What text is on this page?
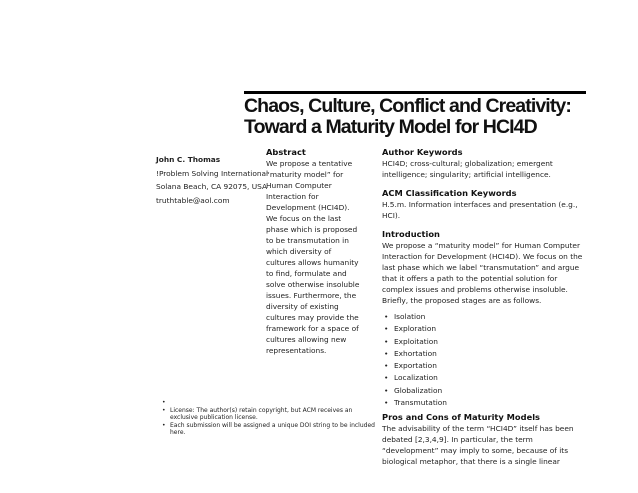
Chaos, Culture, Conflict and Creativity:
Toward a Maturity Model for HCI4D
John C. Thomas
!Problem Solving International
Solana Beach, CA 92075, USA
truthtable@aol.com
Abstract
We propose a tentative
“maturity model” for
Human Computer
Interaction for
Development (HCI4D).
We focus on the last
phase which is proposed
to be transmutation in
which diversity of
cultures allows humanity
to find, formulate and
solve otherwise insoluble
issues. Furthermore, the
diversity of existing
cultures may provide the
framework for a space of
cultures allowing new
representations.
Author Keywords
HCI4D; cross-cultural; globalization; emergent
intelligence; singularity; artificial intelligence.
ACM Classification Keywords
H.5.m. Information interfaces and presentation (e.g.,
HCI).
Introduction
We propose a “maturity model” for Human Computer
Interaction for Development (HCI4D). We focus on the
last phase which we label “transmutation” and argue
that it offers a path to the potential solution for
complex issues and problems otherwise insoluble.
Briefly, the proposed stages are as follows.
• Isolation
• Exploration
• Exploitation
• Exhortation
• Exportation
• Localization
• Globalization
• Transmutation
Pros and Cons of Maturity Models
The advisability of the term “HCI4D” itself has been
debated [2,3,4,9]. In particular, the term
“development” may imply to some, because of its
biological metaphor, that there is a single linear
•
• License: The author(s) retain copyright, but ACM receives an
exclusive publication license.
• Each submission will be assigned a unique DOI string to be included
here.
